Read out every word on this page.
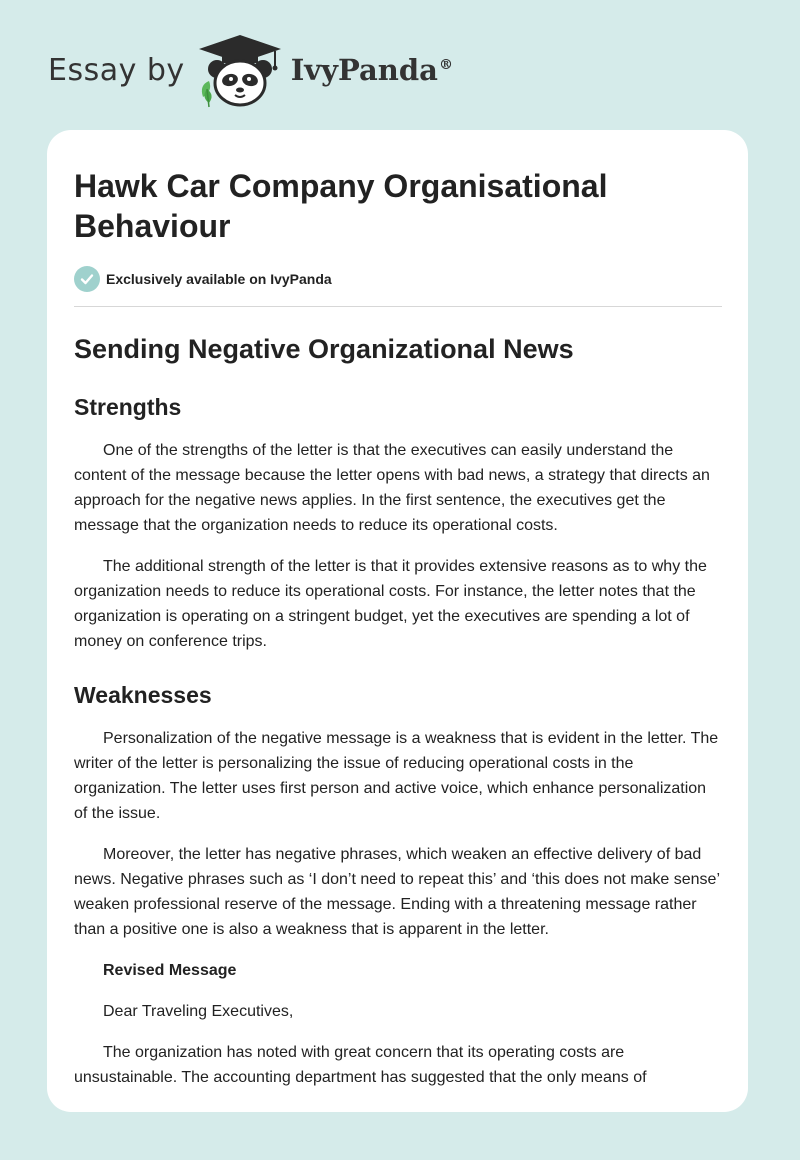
Essay by	IvyPanda®
Hawk Car Company Organisational Behaviour
Exclusively available on IvyPanda
Sending Negative Organizational News
Strengths

One of the strengths of the letter is that the executives can easily understand the content of the message because the letter opens with bad news, a strategy that directs an approach for the negative news applies. In the first sentence, the executives get the message that the organization needs to reduce its operational costs.

The additional strength of the letter is that it provides extensive reasons as to why the organization needs to reduce its operational costs. For instance, the letter notes that the organization is operating on a stringent budget, yet the executives are spending a lot of money on conference trips.

Weaknesses

Personalization of the negative message is a weakness that is evident in the letter. The writer of the letter is personalizing the issue of reducing operational costs in the organization. The letter uses first person and active voice, which enhance personalization of the issue.

Moreover, the letter has negative phrases, which weaken an effective delivery of bad news. Negative phrases such as ‘I don’t need to repeat this’ and ‘this does not make sense’ weaken professional reserve of the message. Ending with a threatening message rather than a positive one is also a weakness that is apparent in the letter.

Revised Message

Dear Traveling Executives,

The organization has noted with great concern that its operating costs are unsustainable. The accounting department has suggested that the only means of
